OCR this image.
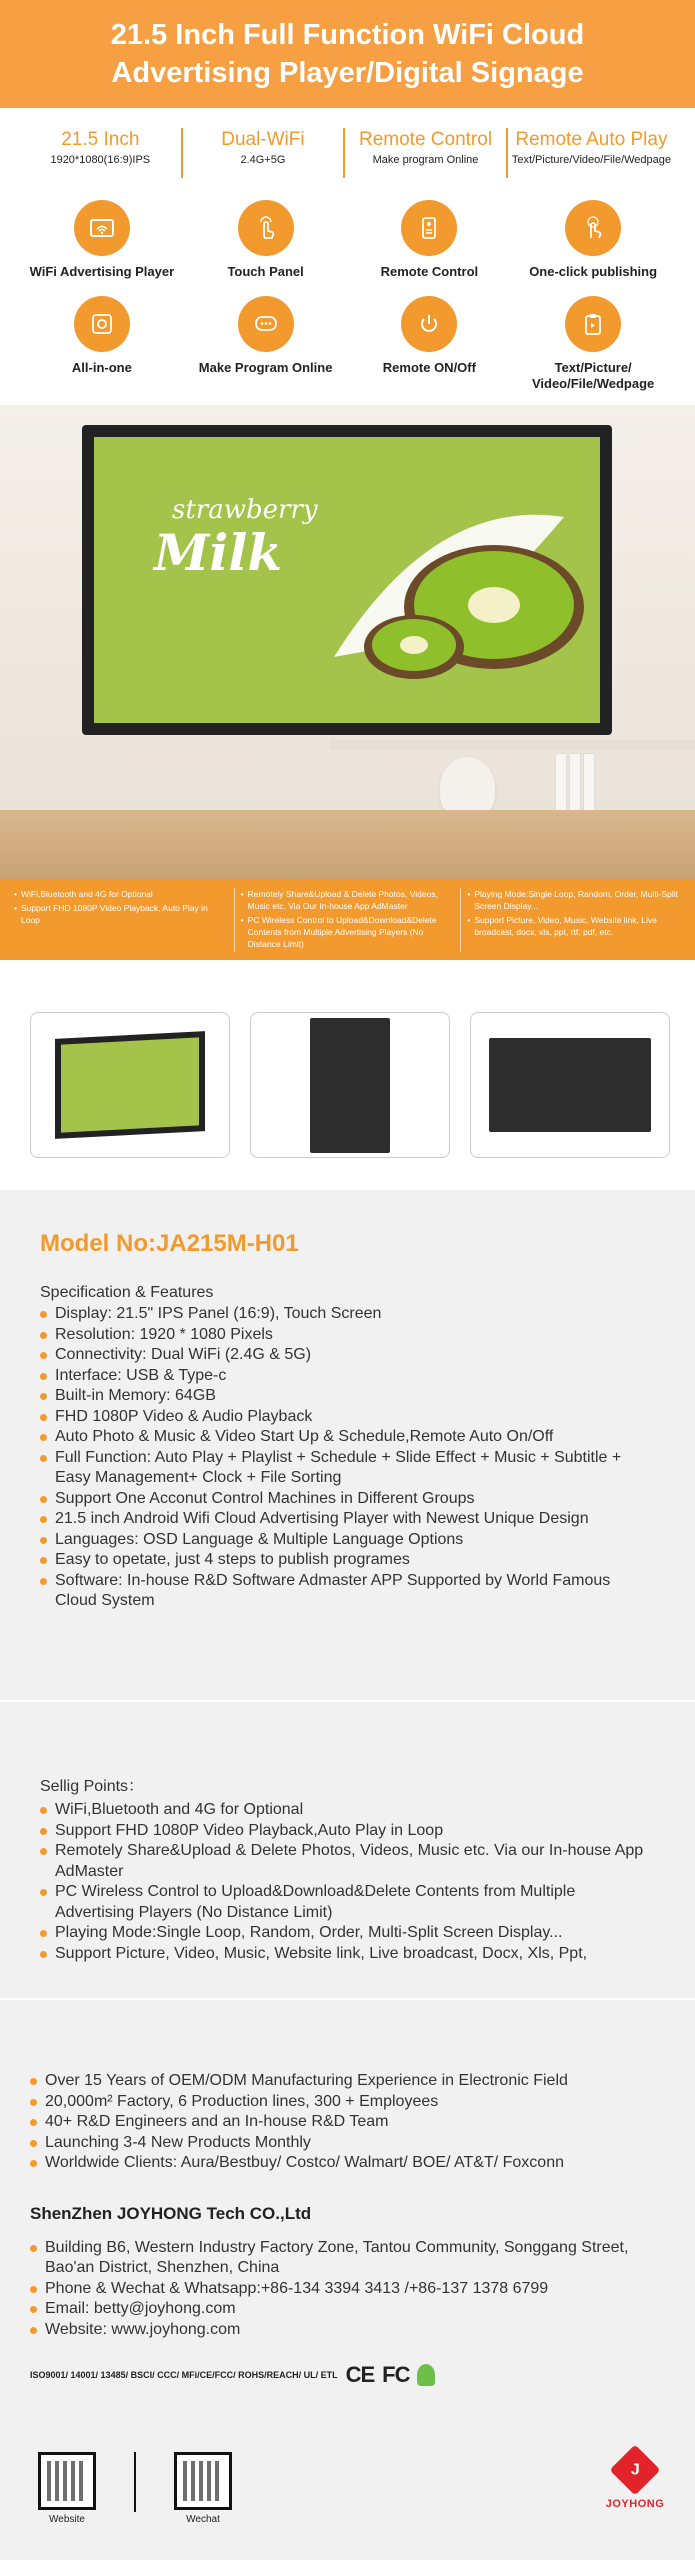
21.5 Inch Full Function WiFi Cloud
Advertising Player/Digital Signage
21.5 Inch
1920*1080(16:9)IPS
Dual-WiFi
2.4G+5G
Remote Control
Make program Online
Remote Auto Play
Text/Picture/Video/File/Wedpage
WiFi Advertising Player	Touch Panel	Remote Control	One-click publishing
All-in-one	Make Program Online	Remote ON/Off	Text/Picture/ Video/File/Wedpage
strawberry
Milk
• WiFi,Bluetooth and 4G for Optional
• Support FHD 1080P Video Playback, Auto Play in Loop
• Remotely Share&Upload & Delete Photos, Videos, Music etc. Via Our In-house App AdMaster
• PC Wireless Control to Upload&Download&Delete Contents from Multiple Advertising Players (No Distance Limit)
• Playing Mode:Single Loop, Random, Order, Multi-Split Screen Display...
• Support Picture, Video, Music, Website link, Live broadcast, docx, xls, ppt, rtf, pdf, etc.
Model No:JA215M-H01
Specification & Features
Display: 21.5" IPS Panel (16:9), Touch Screen
Resolution: 1920 * 1080 Pixels
Connectivity: Dual WiFi (2.4G & 5G)
Interface: USB & Type-c
Built-in Memory: 64GB
FHD 1080P Video & Audio Playback
Auto Photo & Music & Video Start Up & Schedule,Remote Auto On/Off
Full Function: Auto Play + Playlist + Schedule + Slide Effect + Music + Subtitle + Easy Management+ Clock + File Sorting
Support One Acconut Control Machines in Different Groups
21.5 inch Android Wifi Cloud Advertising Player with Newest Unique Design
Languages: OSD Language & Multiple Language Options
Easy to opetate, just 4 steps to publish programes
Software: In-house R&D Software Admaster APP Supported by World Famous Cloud System
Sellig Points：
WiFi,Bluetooth and 4G for Optional
Support FHD 1080P Video Playback,Auto Play in Loop
Remotely Share&Upload & Delete Photos, Videos, Music etc. Via our In-house App AdMaster
PC Wireless Control to Upload&Download&Delete Contents from Multiple Advertising Players (No Distance Limit)
Playing Mode:Single Loop, Random, Order, Multi-Split Screen Display...
Support Picture, Video, Music, Website link, Live broadcast, Docx, Xls, Ppt,
Over 15 Years of OEM/ODM Manufacturing Experience in Electronic Field
20,000m² Factory, 6 Production lines, 300 + Employees
40+ R&D Engineers and an In-house R&D Team
Launching 3-4 New Products Monthly
Worldwide Clients: Aura/Bestbuy/ Costco/ Walmart/ BOE/ AT&T/ Foxconn
ShenZhen JOYHONG Tech CO.,Ltd
Building B6, Western Industry Factory Zone, Tantou Community, Songgang Street, Bao'an District, Shenzhen, China
Phone & Wechat & Whatsapp:+86-134 3394 3413 /+86-137 1378 6799
Email: betty@joyhong.com
Website: www.joyhong.com
ISO9001/ 14001/ 13485/ BSCI/ CCC/ MFi/CE/FCC/ ROHS/REACH/ UL/ ETL CE FC
Website	Wechat
J
JOYHONG
